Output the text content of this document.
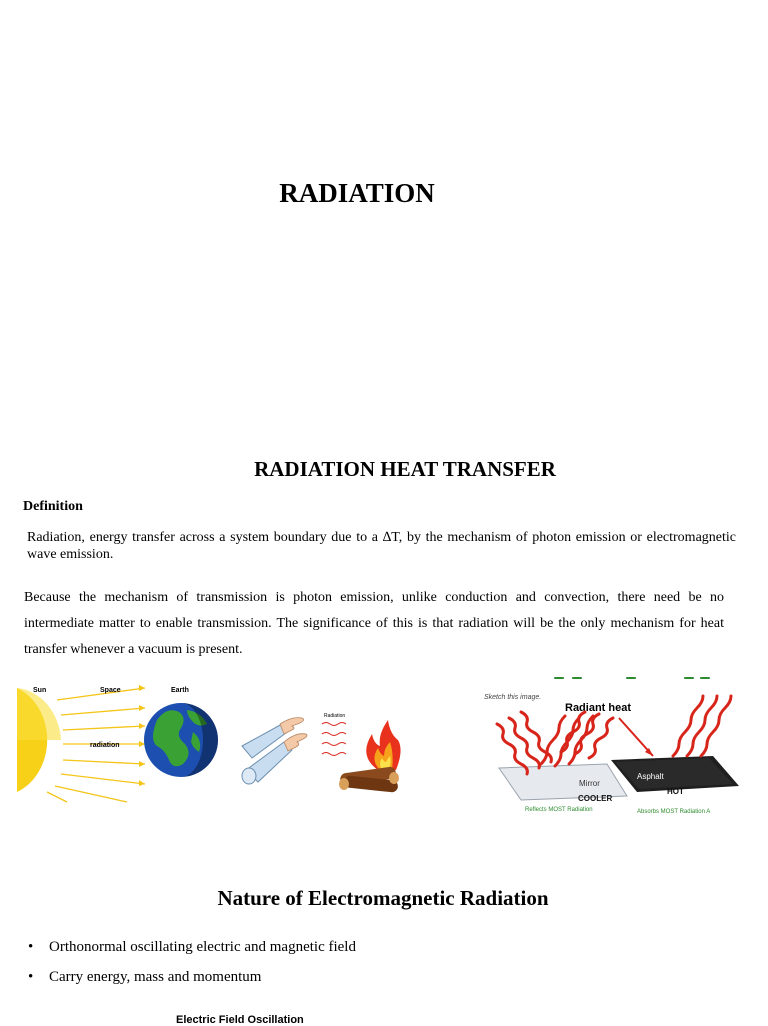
RADIATION
RADIATION HEAT TRANSFER
Definition
Radiation, energy transfer across a system boundary due to a ∆T, by the mechanism of photon emission or electromagnetic wave emission.
Because the mechanism of transmission is photon emission, unlike conduction and convection, there need be no intermediate matter to enable transmission. The significance of this is that radiation will be the only mechanism for heat transfer whenever a vacuum is present.
Sun	Space	Earth
radiation
Radiation
Sketch this image.
Radiant heat
Mirror
COOLER
Asphalt
HOT
Reflects MOST Radiation	Absorbs MOST Radiation A
Nature of Electromagnetic Radiation
• Orthonormal oscillating electric and magnetic field
• Carry energy, mass and momentum
Electric Field Oscillation
